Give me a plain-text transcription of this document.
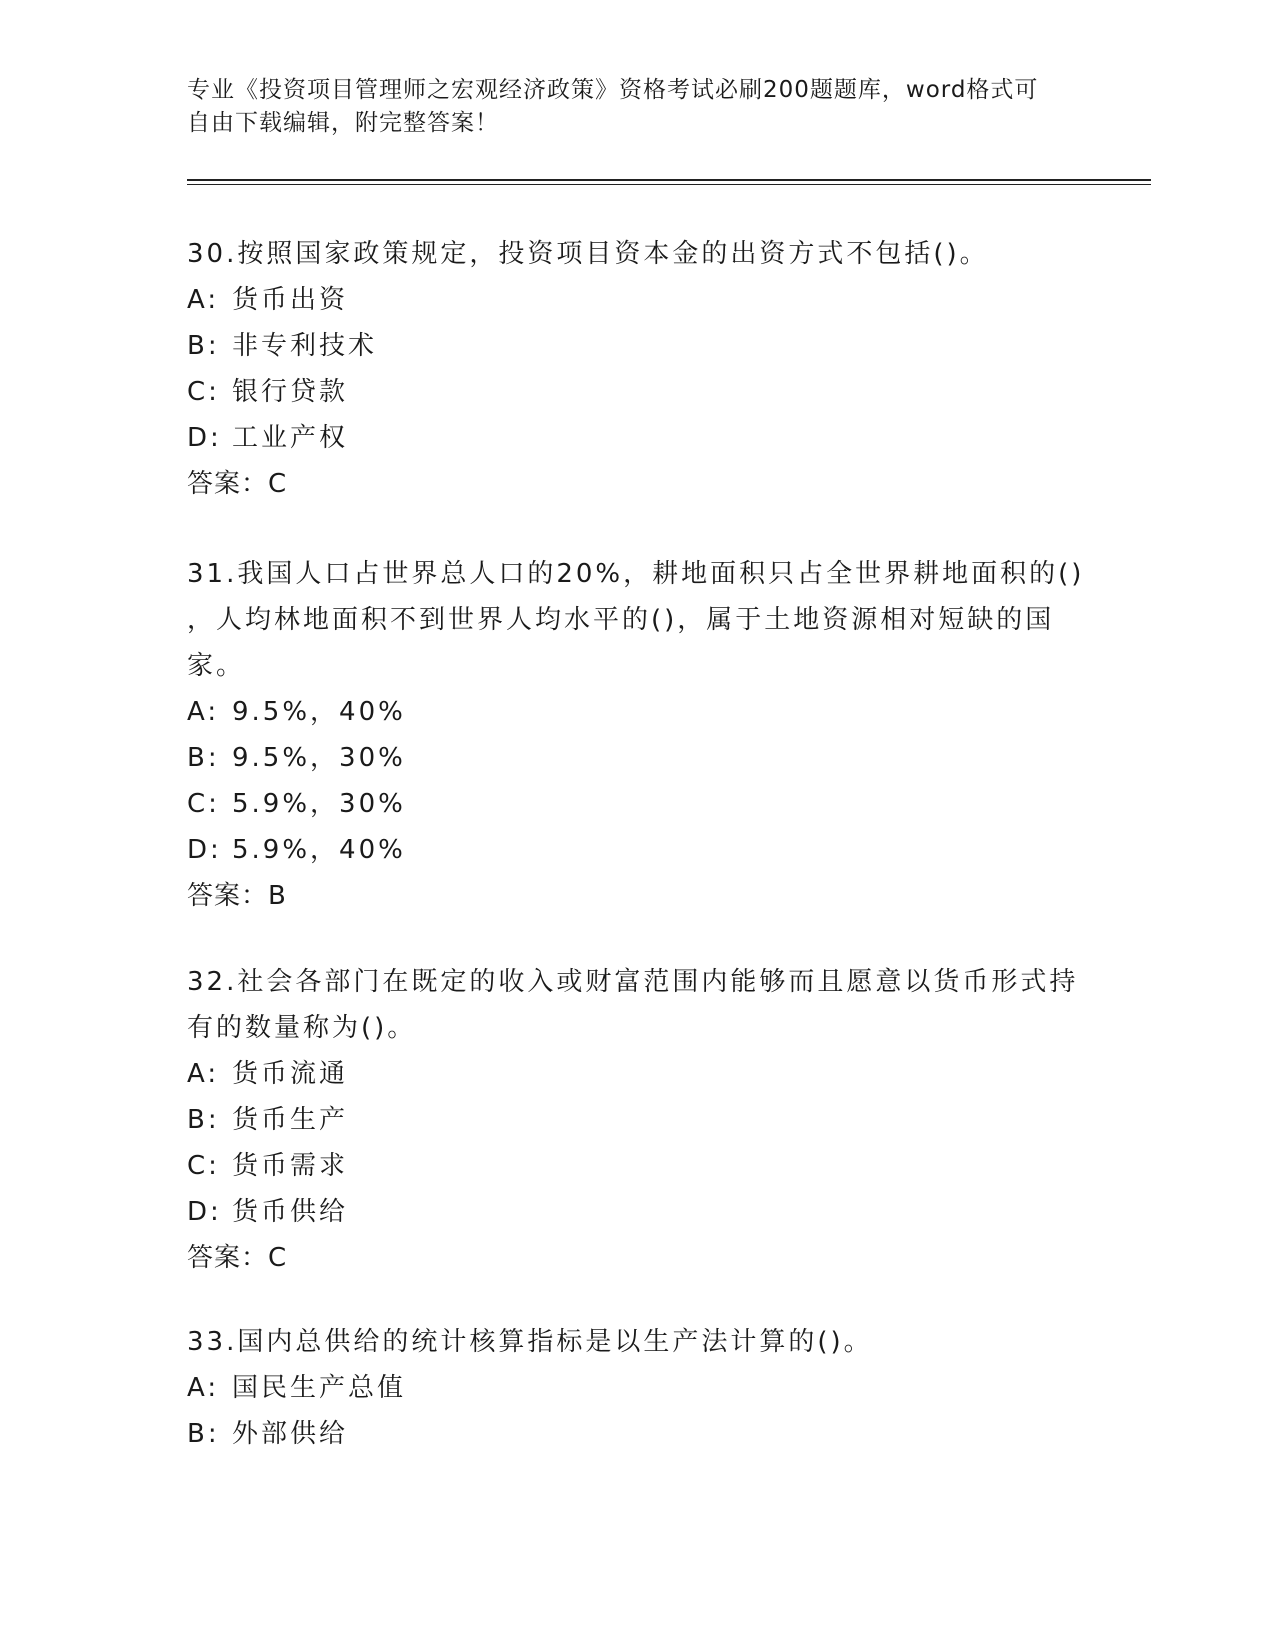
专业《投资项目管理师之宏观经济政策》资格考试必刷200题题库，word格式可
自由下载编辑，附完整答案！
30.按照国家政策规定，投资项目资本金的出资方式不包括()。
A: 货币出资
B: 非专利技术
C: 银行贷款
D: 工业产权
答案：C
31.我国人口占世界总人口的20%，耕地面积只占全世界耕地面积的()
，人均林地面积不到世界人均水平的()，属于土地资源相对短缺的国
家。
A: 9.5%，40%
B: 9.5%，30%
C: 5.9%，30%
D: 5.9%，40%
答案：B
32.社会各部门在既定的收入或财富范围内能够而且愿意以货币形式持
有的数量称为()。
A: 货币流通
B: 货币生产
C: 货币需求
D: 货币供给
答案：C
33.国内总供给的统计核算指标是以生产法计算的()。
A: 国民生产总值
B: 外部供给
